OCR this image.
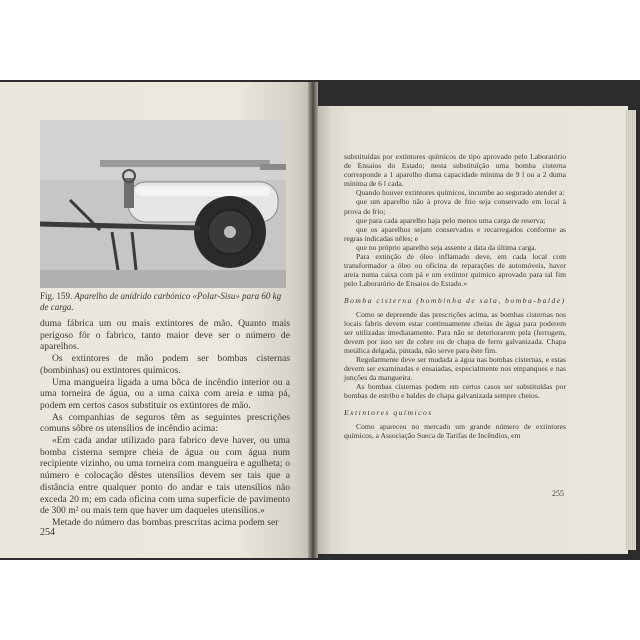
Fig. 159. Aparelho de anídrido carbónico «Polar-Sisu» para 60 kg de carga.

duma fábrica um ou mais extintores de mão. Quanto mais perigoso fôr o fabrico, tanto maior deve ser o número de aparelhos.

Os extintores de mão podem ser bombas cisternas (bombinhas) ou extintores químicos.

Uma mangueira ligada a uma bôca de incêndio interior ou a uma torneira de água, ou a uma caixa com areia e uma pá, podem em certos casos substituir os extintores de mão.

As companhias de seguros têm as seguintes prescrições comuns sôbre os utensílios de incêndio acima:

«Em cada andar utilizado para fabrico deve haver, ou uma bomba cisterna sempre cheia de água ou com água num recipiente vizinho, ou uma torneira com mangueira e agulheta; o número e colocação dêstes utensílios devem ser tais que a distância entre qualquer ponto do andar e tais utensílios não exceda 20 m; em cada oficina com uma superfície de pavimento de 300 m² ou mais tem que haver um daqueles utensílios.»

Metade do número das bombas prescritas acima podem ser

254

substituídas por extintores químicos de tipo aprovado pelo Laboratório de Ensaios do Estado; nesta substituïção uma bomba cisterna corresponde a 1 aparelho duma capacidade mínima de 9 l ou a 2 duma mínima de 6 l cada.

Quando houver extintores químicos, incumbe ao segurado atender a:

que um aparelho não à prova de frio seja conservado em local à prova de frio;

que para cada aparelho haja pelo menos uma carga de reserva;

que os aparelhos sejam conservados e recarregados conforme as regras indicadas nêles; e

que no próprio aparelho seja assente a data da última carga.

Para extinção de óleo inflamado deve, em cada local com transformador a óleo ou oficina de reparações de automóveis, haver areia numa caixa com pá e um extintor químico aprovado para tal fim pelo Laboratório de Ensaios do Estado.»

Bomba cisterna (bombinha de sala, bomba-balde)

Como se depreende das prescrições acima, as bombas cisternas nos locais fabris devem estar continuamente cheias de água para poderem ser utilizadas imediatamente. Para não se deteriorarem pela (ferrugem, devem por isso ser de cobre ou de chapa de ferro galvanizada. Chapa metálica delgada, pintada, não serve para êste fim.

Regularmente deve ser mudada a água nas bombas cisternas, e estas devem ser examinadas e ensaiadas, especialmente nos empanques e nas junções da mangueira.

As bombas cisternas podem em certos casos ser substituídas por bombas de estribo e baldes de chapa galvanizada sempre cheios.

Extintores químicos

Como apareceu no mercado um grande número de extintores químicos, a Associação Sueca de Tarifas de Incêndios, em

255
